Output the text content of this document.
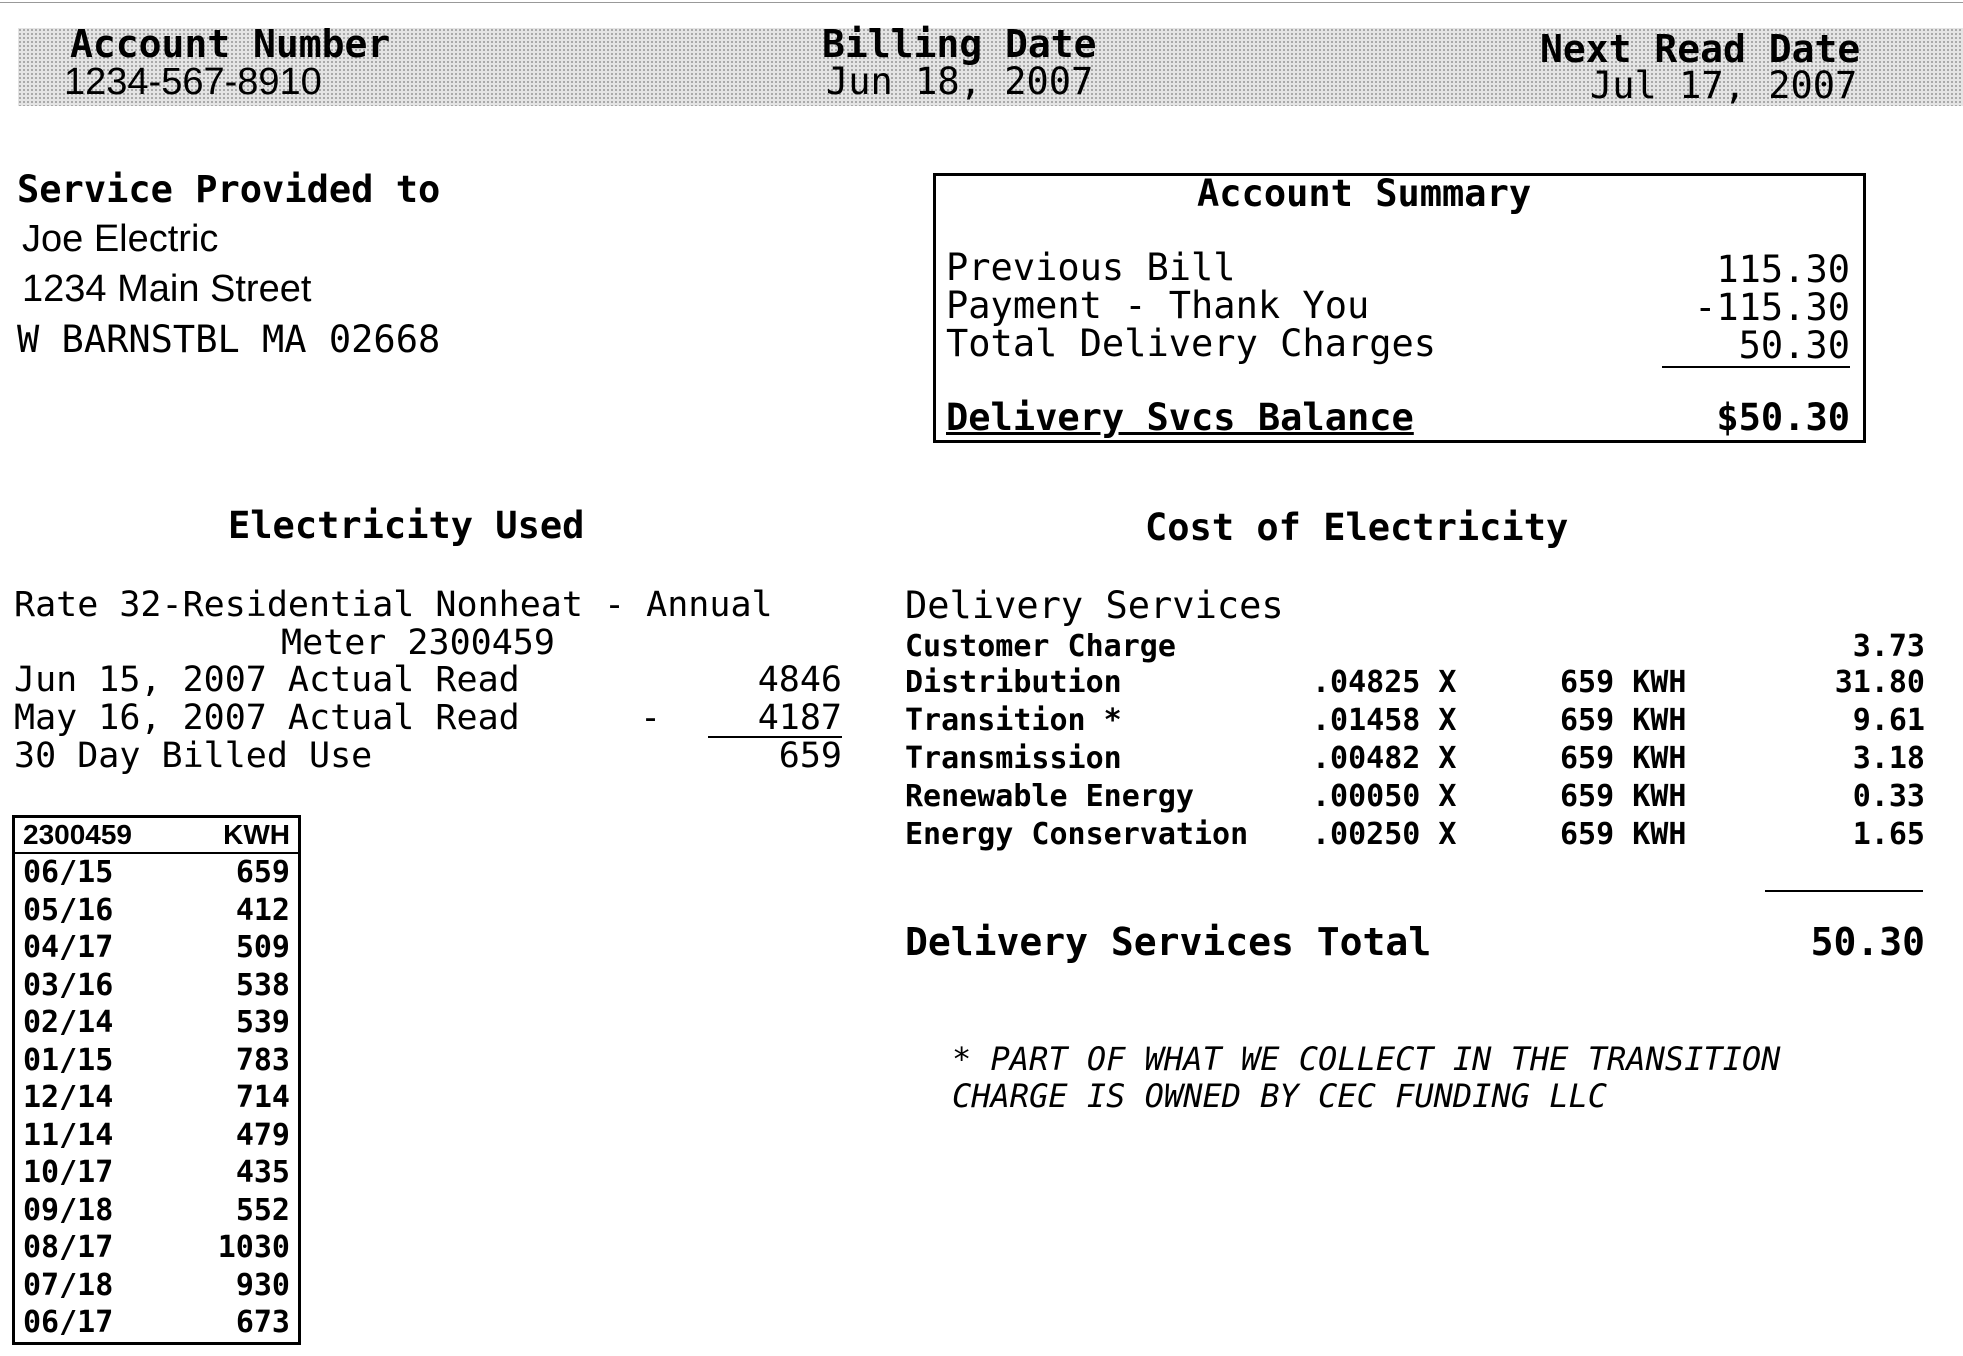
Account Number
1234-567-8910
Billing Date
Jun 18, 2007
Next Read Date
Jul 17, 2007
Service Provided to
Joe Electric
1234 Main Street
W BARNSTBL MA 02668
Account Summary
Previous Bill	115.30
Payment - Thank You	-115.30
Total Delivery Charges	50.30
Delivery Svcs Balance	$50.30
Electricity Used
Rate 32-Residential Nonheat - Annual
Meter 2300459
Jun 15, 2007 Actual Read	4846
May 16, 2007 Actual Read	-	4187
30 Day Billed Use	659
2300459	KWH
06/15	659
05/16	412
04/17	509
03/16	538
02/14	539
01/15	783
12/14	714
11/14	479
10/17	435
09/18	552
08/17	1030
07/18	930
06/17	673
Cost of Electricity
Delivery Services
Customer Charge	3.73
Distribution	.04825 X	659 KWH	31.80
Transition *	.01458 X	659 KWH	9.61
Transmission	.00482 X	659 KWH	3.18
Renewable Energy	.00050 X	659 KWH	0.33
Energy Conservation .00250 X	659 KWH	1.65
Delivery Services Total	50.30
* PART OF WHAT WE COLLECT IN THE TRANSITION
CHARGE IS OWNED BY CEC FUNDING LLC
